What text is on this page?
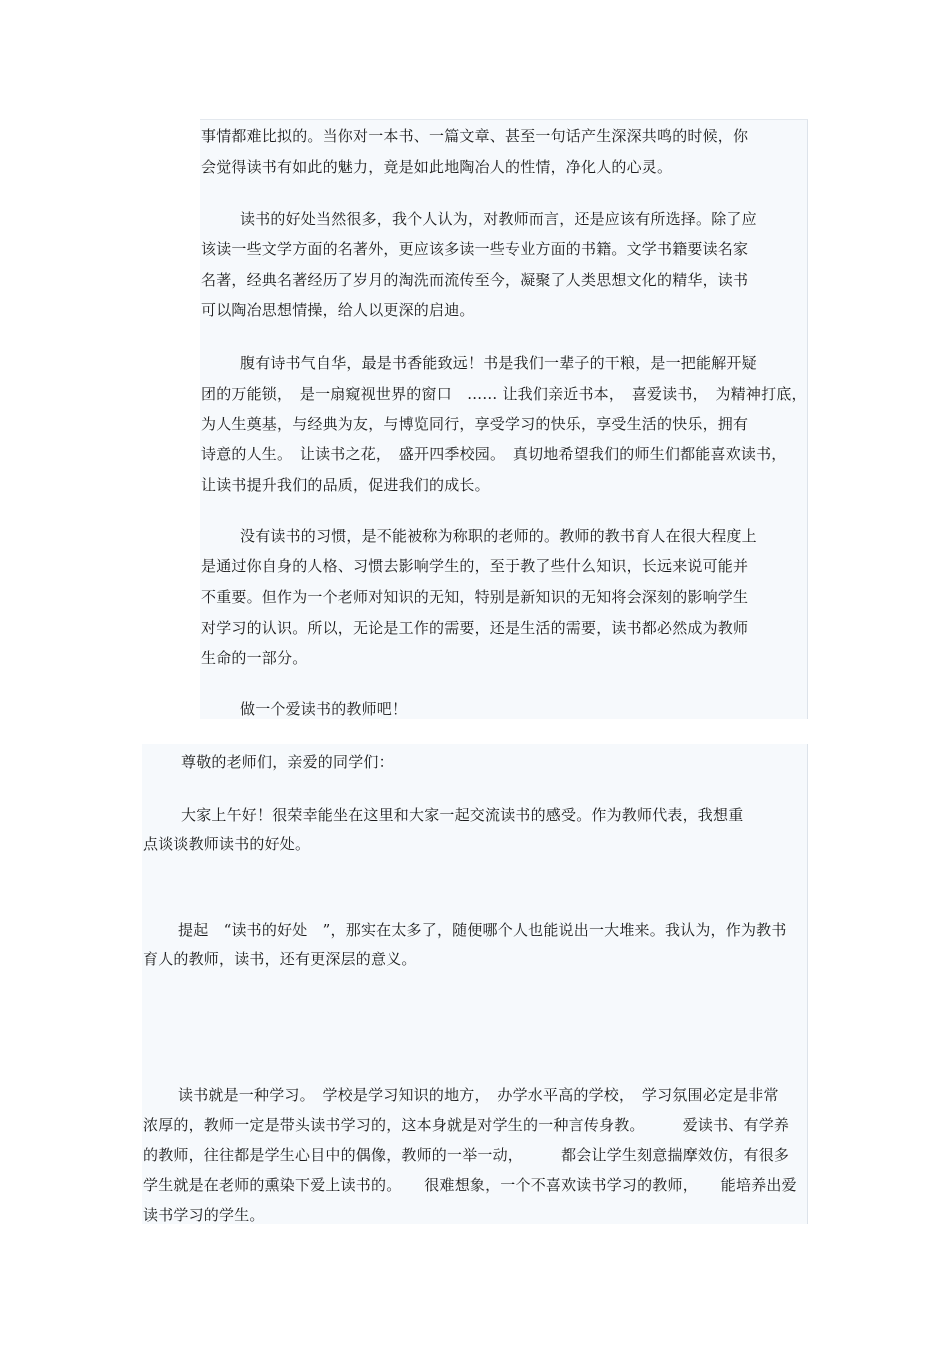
事情都难比拟的。当你对一本书、一篇文章、甚至一句话产生深深共鸣的时候，你
会觉得读书有如此的魅力，竟是如此地陶冶人的性情，净化人的心灵。
读书的好处当然很多，我个人认为，对教师而言，还是应该有所选择。除了应
该读一些文学方面的名著外，更应该多读一些专业方面的书籍。文学书籍要读名家
名著，经典名著经历了岁月的淘洗而流传至今，凝聚了人类思想文化的精华，读书
可以陶冶思想情操，给人以更深的启迪。
腹有诗书气自华，最是书香能致远！书是我们一辈子的干粮，是一把能解开疑
团的万能锁，　是一扇窥视世界的窗口　…… 让我们亲近书本，　喜爱读书，　为精神打底，
为人生奠基，与经典为友，与博览同行，享受学习的快乐，享受生活的快乐，拥有
诗意的人生。　让读书之花，　盛开四季校园。　真切地希望我们的师生们都能喜欢读书，
让读书提升我们的品质，促进我们的成长。
没有读书的习惯，是不能被称为称职的老师的。教师的教书育人在很大程度上
是通过你自身的人格、习惯去影响学生的，至于教了些什么知识，长远来说可能并
不重要。但作为一个老师对知识的无知，特别是新知识的无知将会深刻的影响学生
对学习的认识。所以，无论是工作的需要，还是生活的需要，读书都必然成为教师
生命的一部分。
做一个爱读书的教师吧！
尊敬的老师们，亲爱的同学们：
大家上午好！很荣幸能坐在这里和大家一起交流读书的感受。作为教师代表，我想重
点谈谈教师读书的好处。
提起　“读书的好处　”，那实在太多了，随便哪个人也能说出一大堆来。我认为，作为教书
育人的教师，读书，还有更深层的意义。
读书就是一种学习。　学校是学习知识的地方，　办学水平高的学校，　学习氛围必定是非常
浓厚的，教师一定是带头读书学习的，这本身就是对学生的一种言传身教。　　　爱读书、有学养
的教师，往往都是学生心目中的偶像，教师的一举一动，　　　都会让学生刻意揣摩效仿，有很多
学生就是在老师的熏染下爱上读书的。　　很难想象，一个不喜欢读书学习的教师，　　能培养出爱
读书学习的学生。
